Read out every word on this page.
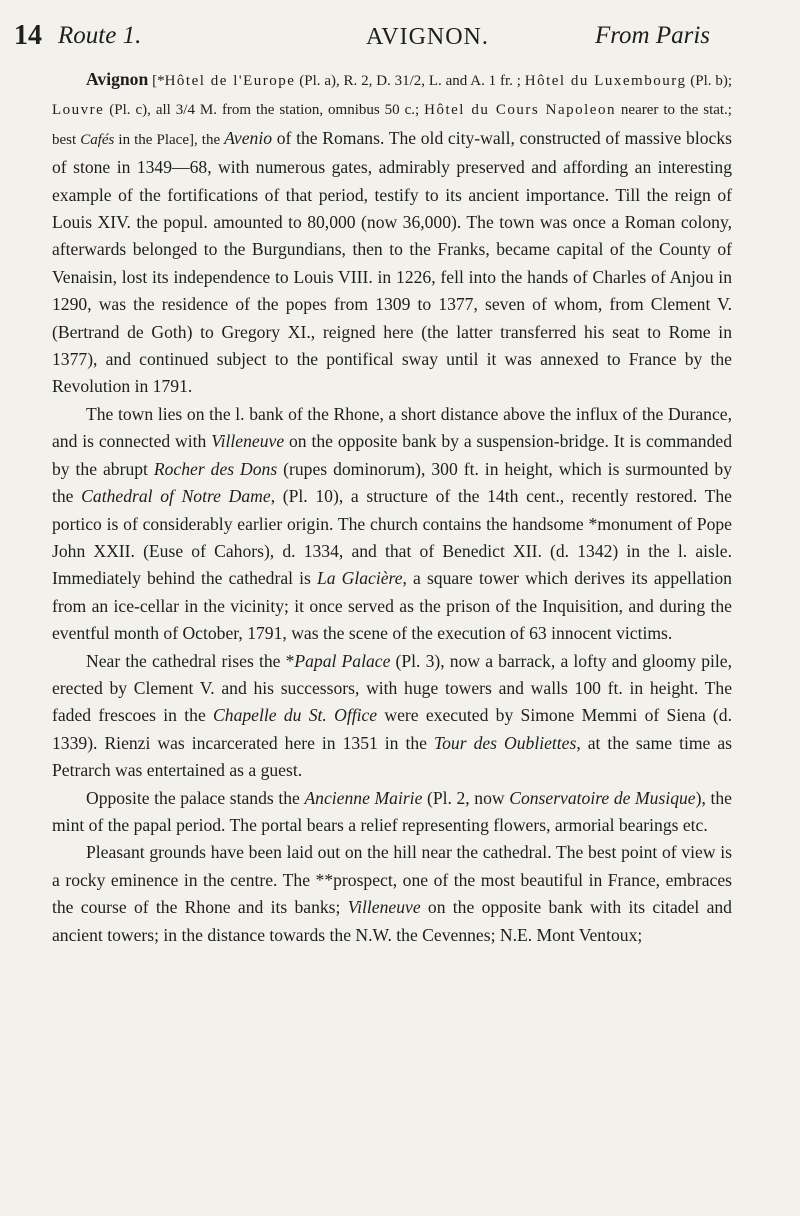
14 Route 1.	AVIGNON.	From Paris

Avignon [*Hôtel de l'Europe (Pl. a), R. 2, D. 31/2, L. and A. 1 fr. ; Hôtel du Luxembourg (Pl. b); Louvre (Pl. c), all 3/4 M. from the station, omnibus 50 c.; Hôtel du Cours Napoleon nearer to the stat.; best Cafés in the Place], the Avenio of the Romans. The old city-wall, constructed of massive blocks of stone in 1349—68, with numerous gates, admirably preserved and affording an interesting example of the fortifications of that period, testify to its ancient importance. Till the reign of Louis XIV. the popul. amounted to 80,000 (now 36,000). The town was once a Roman colony, afterwards belonged to the Burgundians, then to the Franks, became capital of the County of Venaisin, lost its independence to Louis VIII. in 1226, fell into the hands of Charles of Anjou in 1290, was the residence of the popes from 1309 to 1377, seven of whom, from Clement V. (Bertrand de Goth) to Gregory XI., reigned here (the latter transferred his seat to Rome in 1377), and continued subject to the pontifical sway until it was annexed to France by the Revolution in 1791.

The town lies on the l. bank of the Rhone, a short distance above the influx of the Durance, and is connected with Villeneuve on the opposite bank by a suspension-bridge. It is commanded by the abrupt Rocher des Dons (rupes dominorum), 300 ft. in height, which is surmounted by the Cathedral of Notre Dame, (Pl. 10), a structure of the 14th cent., recently restored. The portico is of considerably earlier origin. The church contains the handsome *monument of Pope John XXII. (Euse of Cahors), d. 1334, and that of Benedict XII. (d. 1342) in the l. aisle. Immediately behind the cathedral is La Glacière, a square tower which derives its appellation from an ice-cellar in the vicinity; it once served as the prison of the Inquisition, and during the eventful month of October, 1791, was the scene of the execution of 63 innocent victims.

Near the cathedral rises the *Papal Palace (Pl. 3), now a barrack, a lofty and gloomy pile, erected by Clement V. and his successors, with huge towers and walls 100 ft. in height. The faded frescoes in the Chapelle du St. Office were executed by Simone Memmi of Siena (d. 1339). Rienzi was incarcerated here in 1351 in the Tour des Oubliettes, at the same time as Petrarch was entertained as a guest.

Opposite the palace stands the Ancienne Mairie (Pl. 2, now Conservatoire de Musique), the mint of the papal period. The portal bears a relief representing flowers, armorial bearings etc.

Pleasant grounds have been laid out on the hill near the cathedral. The best point of view is a rocky eminence in the centre. The **prospect, one of the most beautiful in France, embraces the course of the Rhone and its banks; Villeneuve on the opposite bank with its citadel and ancient towers; in the distance towards the N.W. the Cevennes; N.E. Mont Ventoux;
